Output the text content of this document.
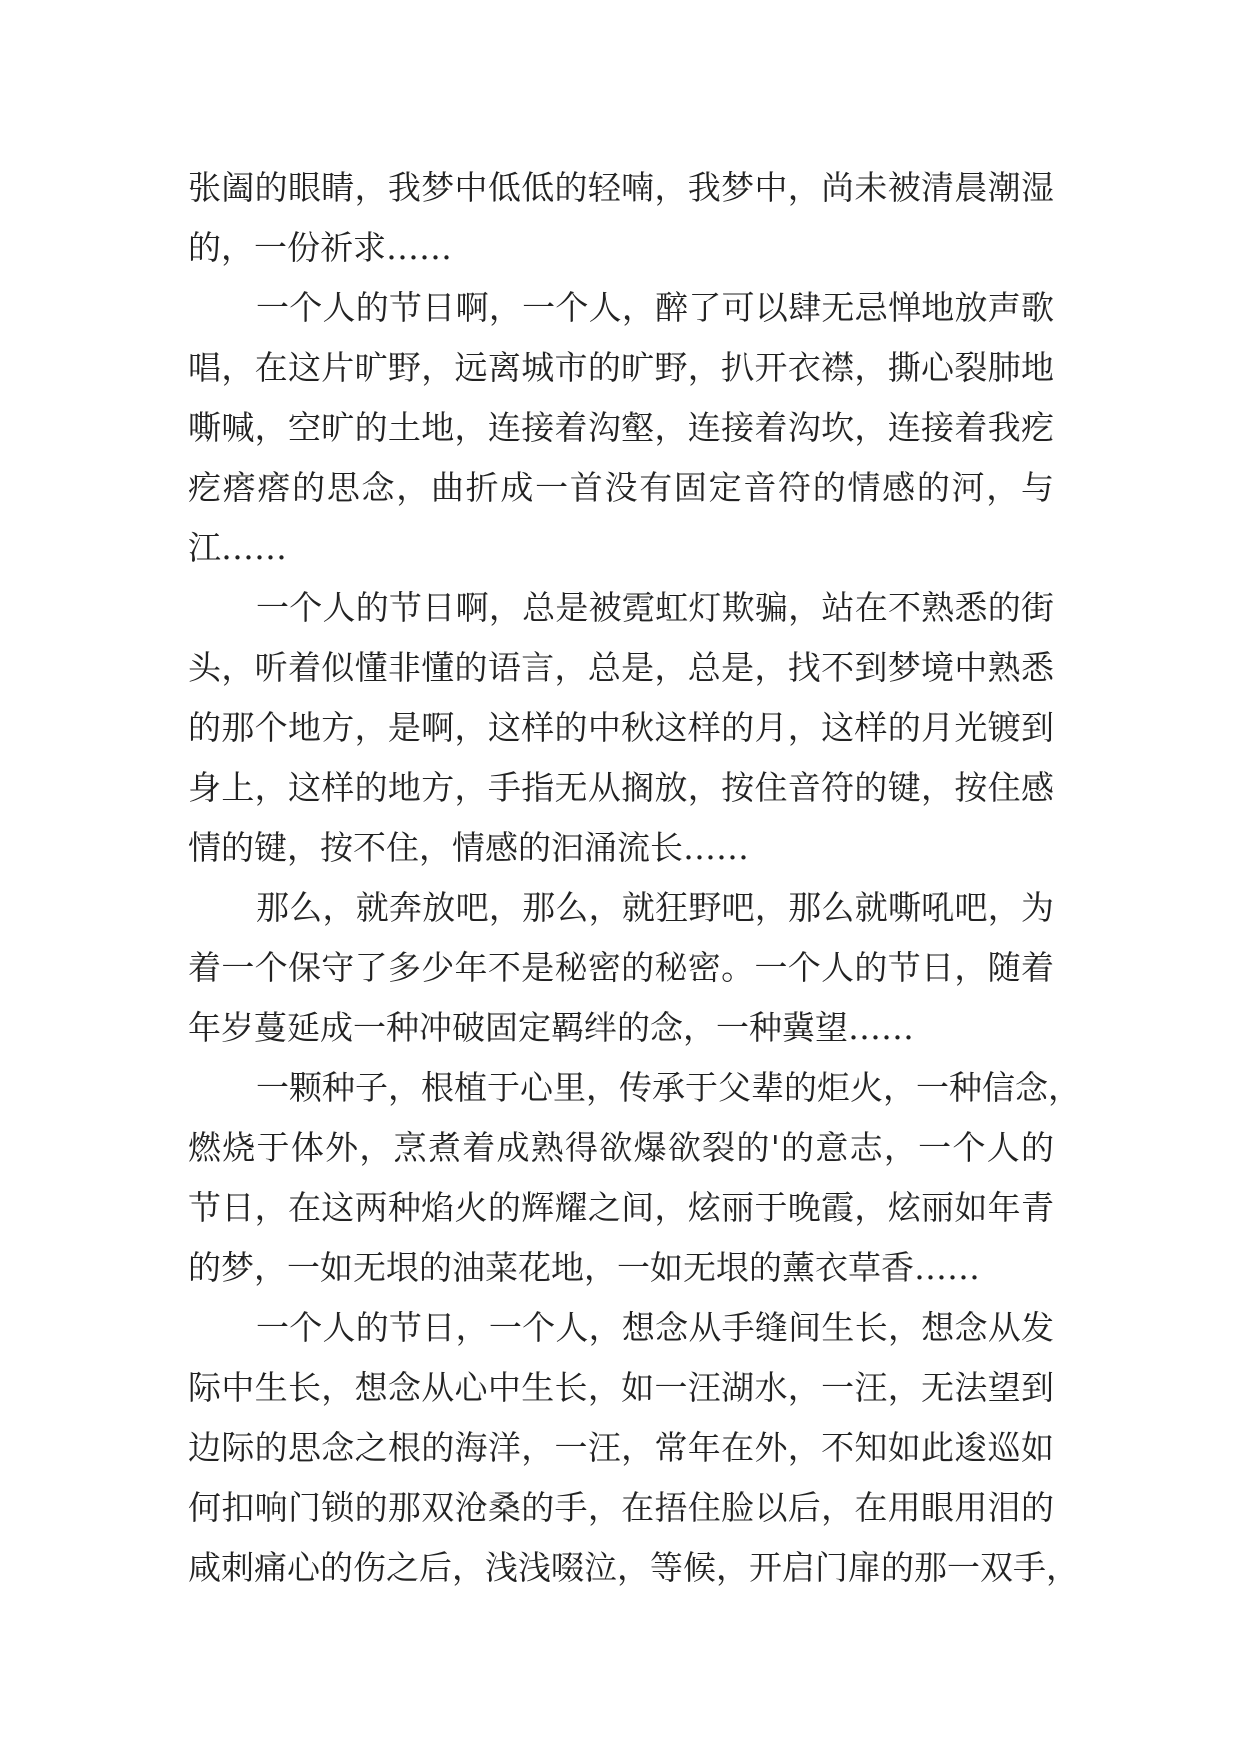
张阖的眼睛，我梦中低低的轻喃，我梦中，尚未被清晨潮湿
的，一份祈求……
一个人的节日啊，一个人，醉了可以肆无忌惮地放声歌
唱，在这片旷野，远离城市的旷野，扒开衣襟，撕心裂肺地
嘶喊，空旷的土地，连接着沟壑，连接着沟坎，连接着我疙
疙瘩瘩的思念，曲折成一首没有固定音符的情感的河，与
江……
一个人的节日啊，总是被霓虹灯欺骗，站在不熟悉的街
头，听着似懂非懂的语言，总是，总是，找不到梦境中熟悉
的那个地方，是啊，这样的中秋这样的月，这样的月光镀到
身上，这样的地方，手指无从搁放，按住音符的键，按住感
情的键，按不住，情感的汩涌流长……
那么，就奔放吧，那么，就狂野吧，那么就嘶吼吧，为
着一个保守了多少年不是秘密的秘密。一个人的节日，随着
年岁蔓延成一种冲破固定羁绊的念，一种冀望……
一颗种子，根植于心里，传承于父辈的炬火，一种信念，
燃烧于体外，烹煮着成熟得欲爆欲裂的'的意志，一个人的
节日，在这两种焰火的辉耀之间，炫丽于晚霞，炫丽如年青
的梦，一如无垠的油菜花地，一如无垠的薰衣草香……
一个人的节日，一个人，想念从手缝间生长，想念从发
际中生长，想念从心中生长，如一汪湖水，一汪，无法望到
边际的思念之根的海洋，一汪，常年在外，不知如此逡巡如
何扣响门锁的那双沧桑的手，在捂住脸以后，在用眼用泪的
咸刺痛心的伤之后，浅浅啜泣，等候，开启门扉的那一双手，
